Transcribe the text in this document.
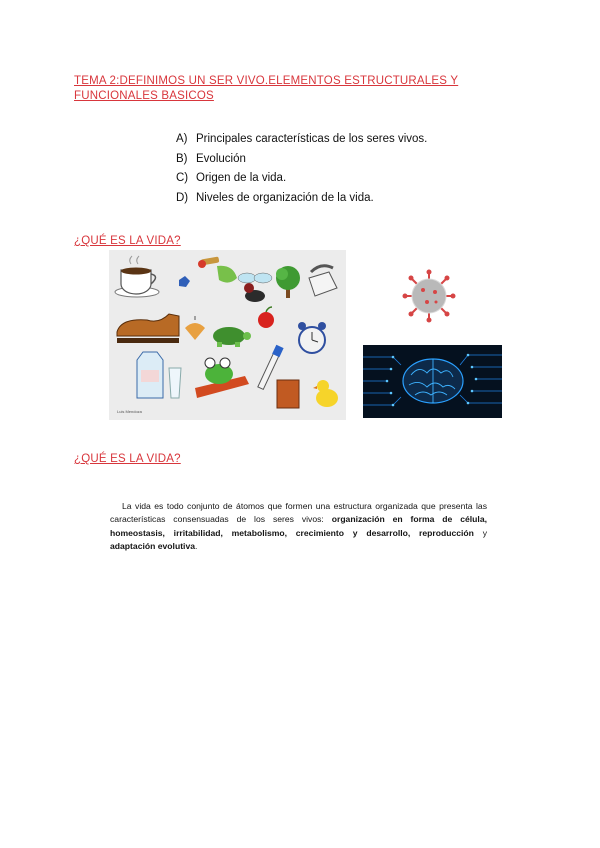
TEMA 2:DEFINIMOS UN SER VIVO.ELEMENTOS ESTRUCTURALES Y FUNCIONALES BASICOS
A) Principales características de los seres vivos.
B) Evolución
C) Origen de la vida.
D) Niveles de organización de la vida.
¿QUÉ ES LA VIDA?
Luis Mendoza
¿QUÉ ES LA VIDA?

La vida es todo conjunto de átomos que formen una estructura organizada que presenta las características consensuadas de los seres vivos: organización en forma de célula, homeostasis, irritabilidad, metabolismo, crecimiento y desarrollo, reproducción y adaptación evolutiva.
